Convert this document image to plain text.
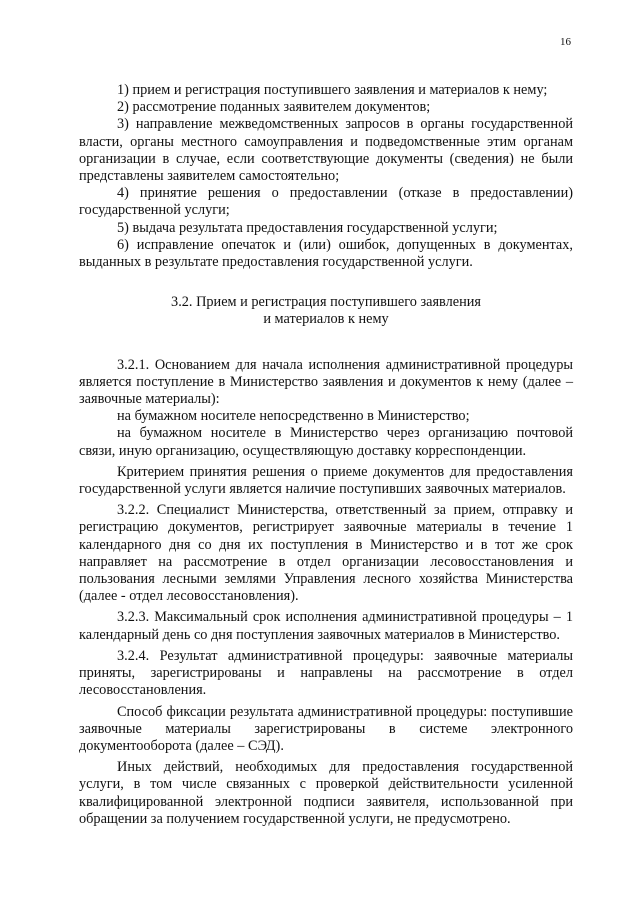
16

1) прием и регистрация поступившего заявления и материалов к нему;

2) рассмотрение поданных заявителем документов;

3) направление межведомственных запросов в органы государственной власти, органы местного самоуправления и подведомственные этим органам организации в случае, если соответствующие документы (сведения) не были представлены заявителем самостоятельно;

4) принятие решения о предоставлении (отказе в предоставлении) государственной услуги;

5) выдача результата предоставления государственной услуги;

6) исправление опечаток и (или) ошибок, допущенных в документах, выданных в результате предоставления государственной услуги.

3.2. Прием и регистрация поступившего заявления
и материалов к нему

3.2.1. Основанием для начала исполнения административной процедуры является поступление в Министерство заявления и документов к нему (далее – заявочные материалы):

на бумажном носителе непосредственно в Министерство;

на бумажном носителе в Министерство через организацию почтовой связи, иную организацию, осуществляющую доставку корреспонденции.

Критерием принятия решения о приеме документов для предоставления государственной услуги является наличие поступивших заявочных материалов.

3.2.2. Специалист Министерства, ответственный за прием, отправку и регистрацию документов, регистрирует заявочные материалы в течение 1 календарного дня со дня их поступления в Министерство и в тот же срок направляет на рассмотрение в отдел организации лесовосстановления и пользования лесными землями Управления лесного хозяйства Министерства (далее - отдел лесовосстановления).

3.2.3. Максимальный срок исполнения административной процедуры – 1 календарный день со дня поступления заявочных материалов в Министерство.

3.2.4. Результат административной процедуры: заявочные материалы приняты, зарегистрированы и направлены на рассмотрение в отдел лесовосстановления.

Способ фиксации результата административной процедуры: поступившие заявочные материалы зарегистрированы в системе электронного документооборота (далее – СЭД).

Иных действий, необходимых для предоставления государственной услуги, в том числе связанных с проверкой действительности усиленной квалифицированной электронной подписи заявителя, использованной при обращении за получением государственной услуги, не предусмотрено.
